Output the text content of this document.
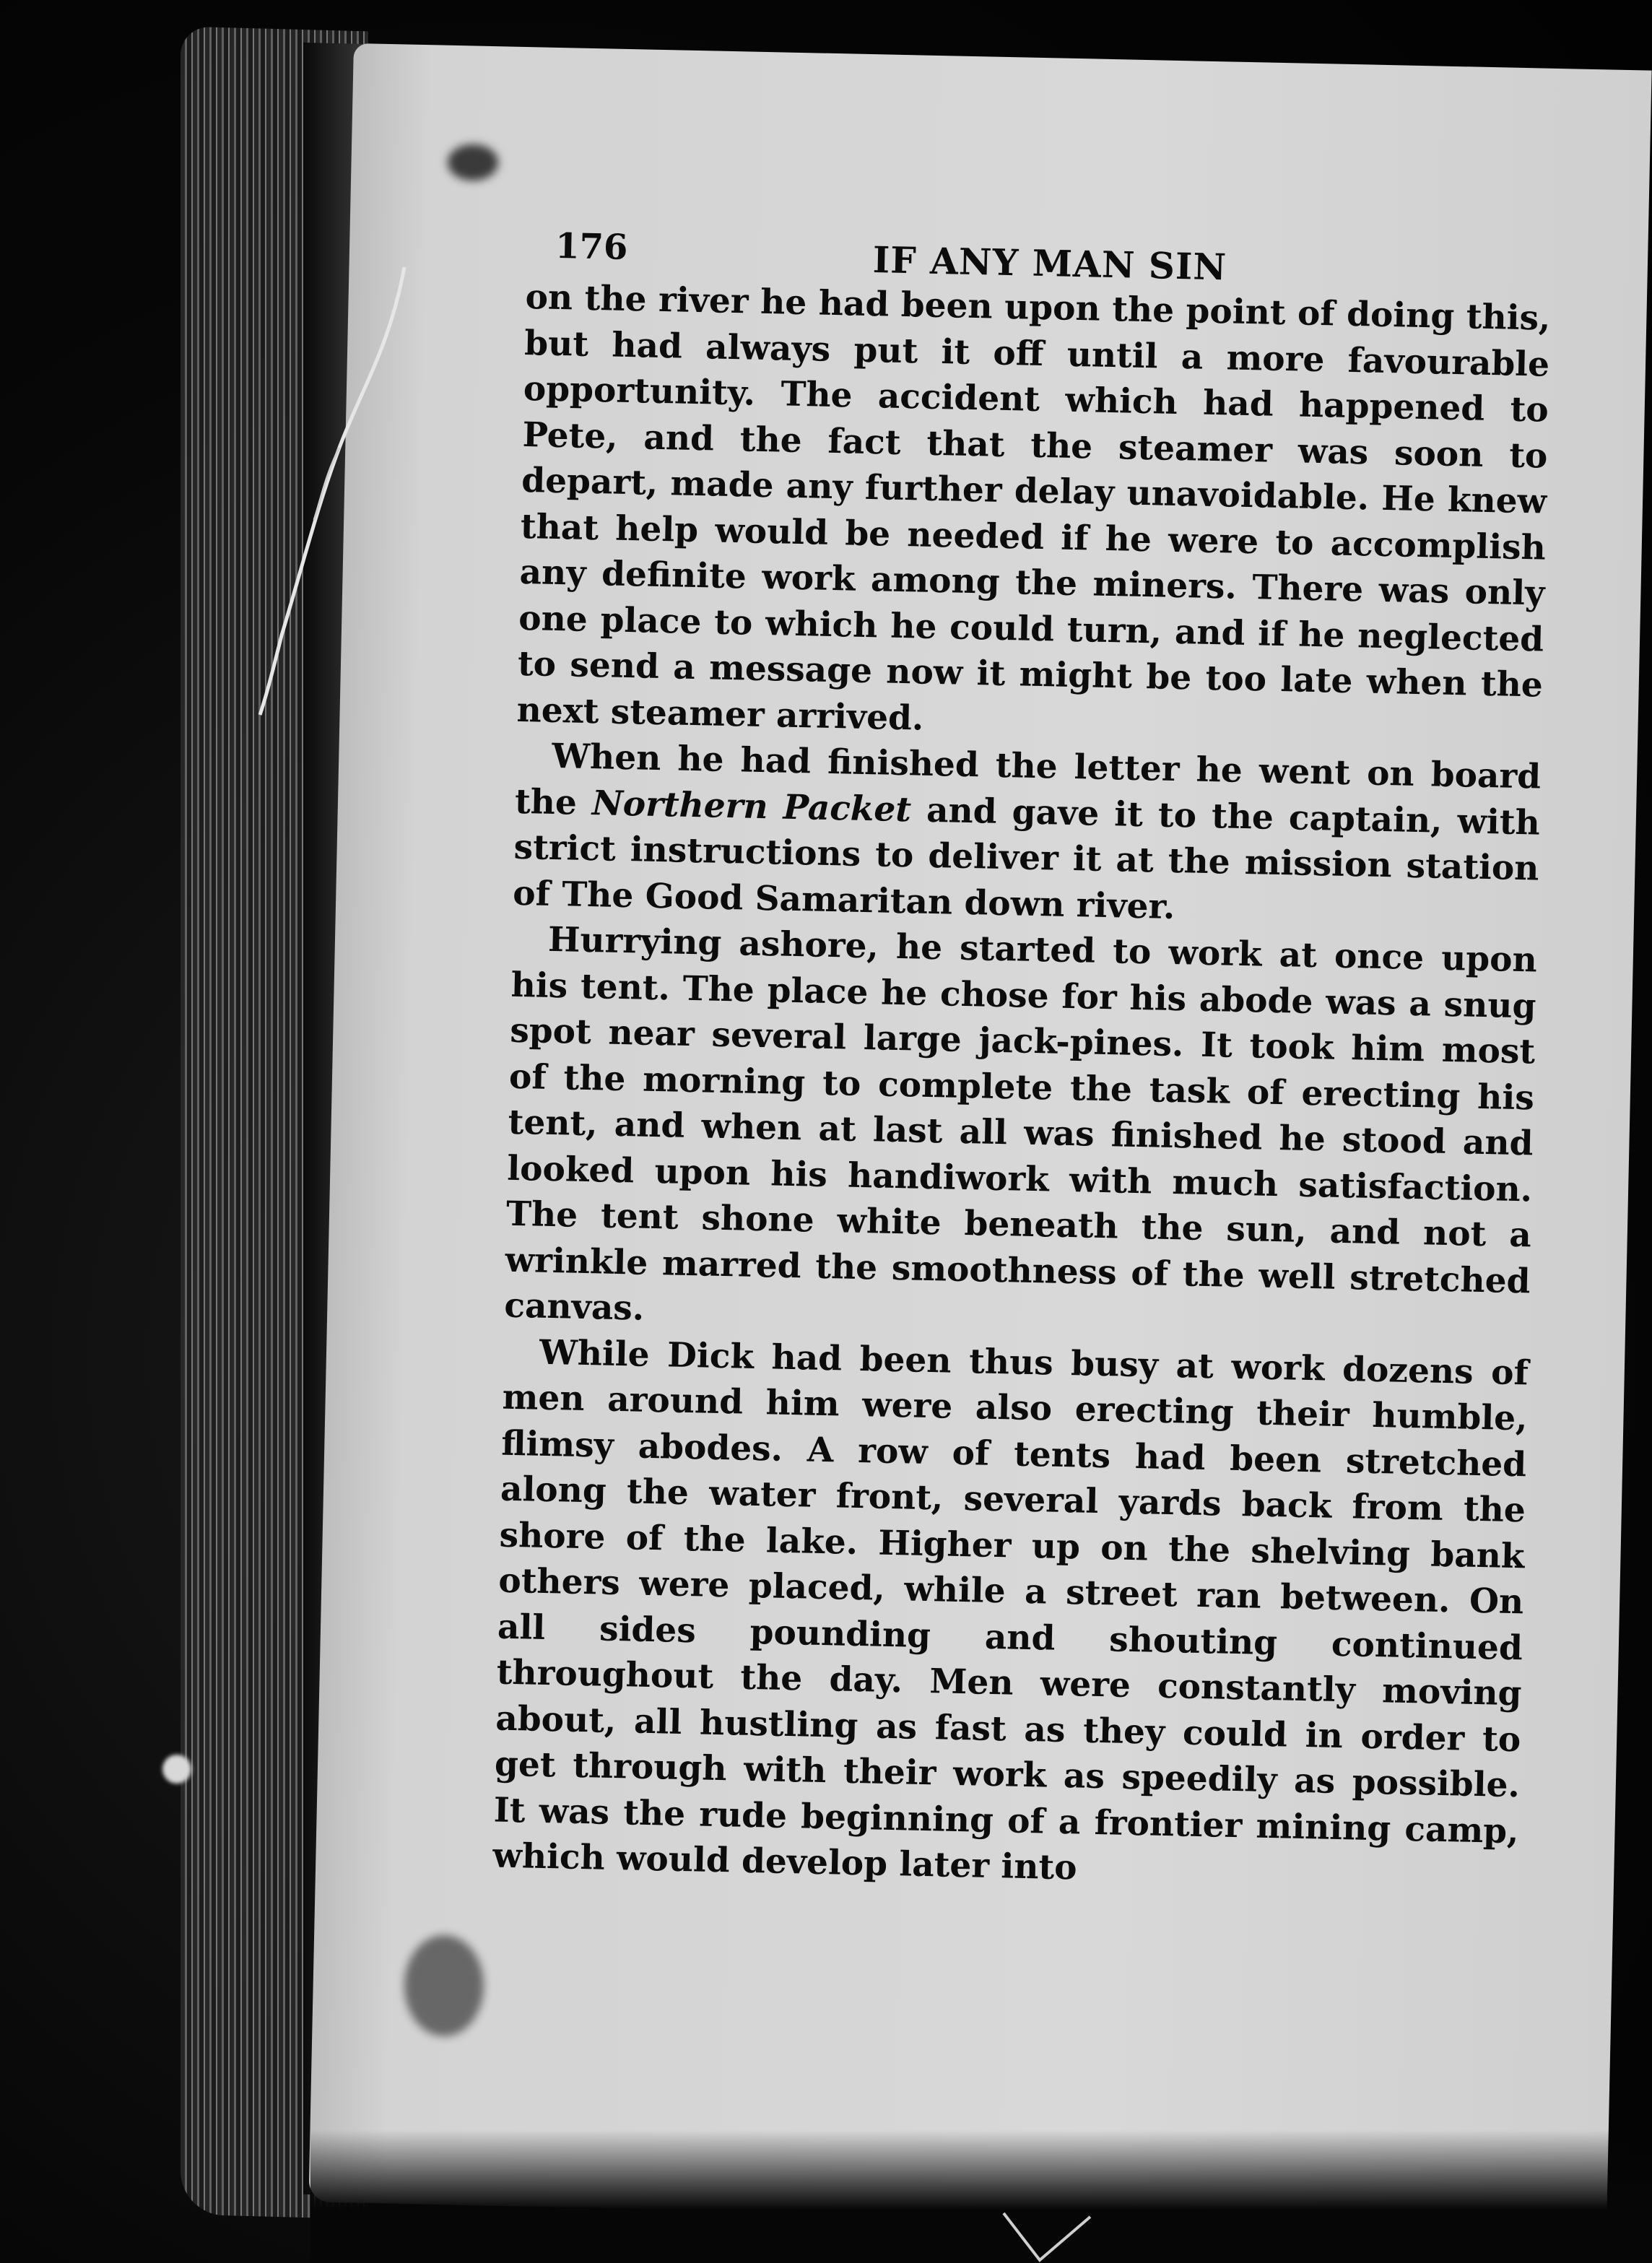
176	IF ANY MAN SIN

on the river he had been upon the point of doing this, but had always put it off until a more favourable opportunity. The accident which had happened to Pete, and the fact that the steamer was soon to depart, made any further delay unavoidable. He knew that help would be needed if he were to accomplish any definite work among the miners. There was only one place to which he could turn, and if he neglected to send a message now it might be too late when the next steamer arrived.

When he had finished the letter he went on board the Northern Packet and gave it to the captain, with strict instructions to deliver it at the mission station of The Good Samaritan down river.

Hurrying ashore, he started to work at once upon his tent. The place he chose for his abode was a snug spot near several large jack-pines. It took him most of the morning to complete the task of erecting his tent, and when at last all was finished he stood and looked upon his handiwork with much satisfaction. The tent shone white beneath the sun, and not a wrinkle marred the smoothness of the well stretched canvas.

While Dick had been thus busy at work dozens of men around him were also erecting their humble, flimsy abodes. A row of tents had been stretched along the water front, several yards back from the shore of the lake. Higher up on the shelving bank others were placed, while a street ran between. On all sides pounding and shouting continued throughout the day. Men were constantly moving about, all hustling as fast as they could in order to get through with their work as speedily as possible. It was the rude beginning of a frontier mining camp, which would develop later into
